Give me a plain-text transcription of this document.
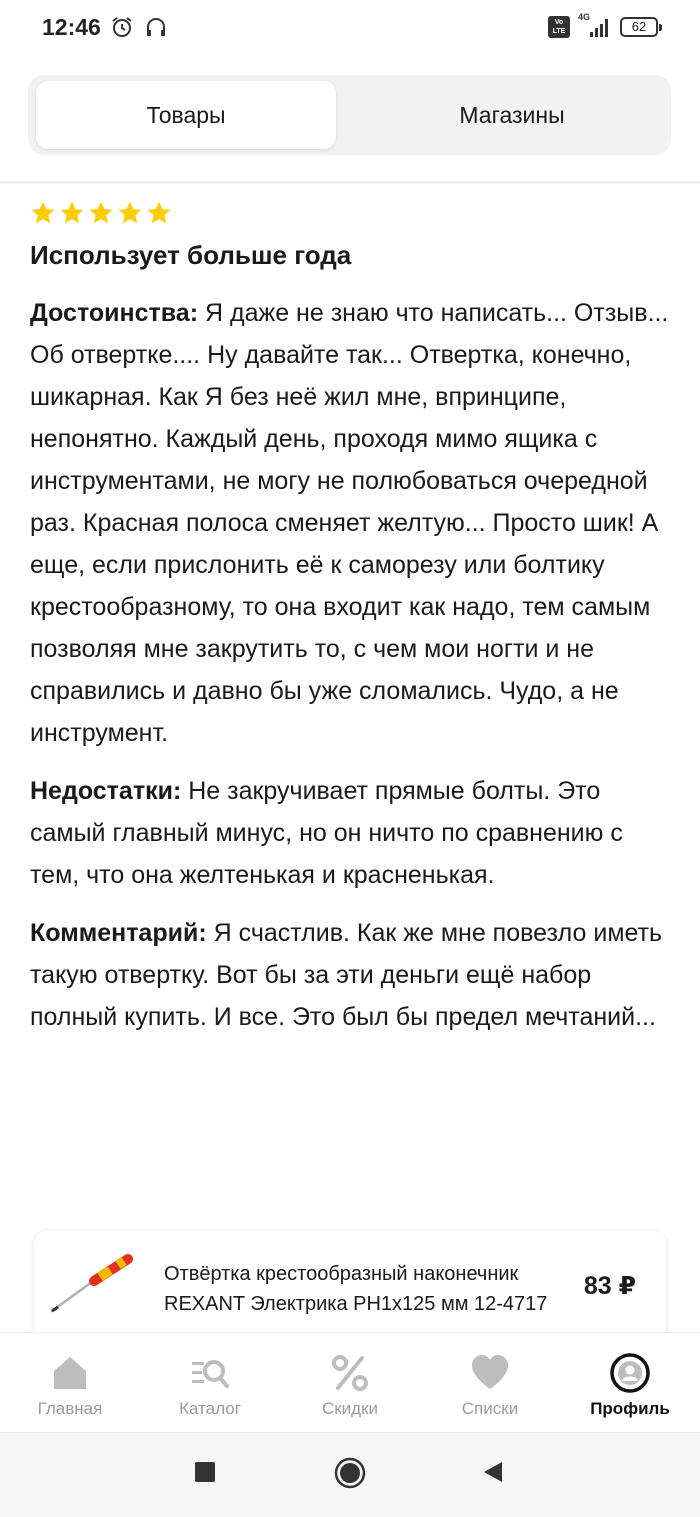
12:46	Vo
LTE
4G
62
Товары	Магазины
Использует больше года

Достоинства: Я даже не знаю что написать... Отзыв... Об отвертке.... Ну давайте так... Отвертка, конечно, шикарная. Как Я без неё жил мне, впринципе, непонятно. Каждый день, проходя мимо ящика с инструментами, не могу не полюбоваться очередной раз. Красная полоса сменяет желтую... Просто шик! А еще, если прислонить её к саморезу или болтику крестообразному, то она входит как надо, тем самым позволяя мне закрутить то, с чем мои ногти и не справились и давно бы уже сломались. Чудо, а не инструмент.

Недостатки: Не закручивает прямые болты. Это самый главный минус, но он ничто по сравнению с тем, что она желтенькая и красненькая.

Комментарий: Я счастлив. Как же мне повезло иметь такую отвертку. Вот бы за эти деньги ещё набор полный купить. И все. Это был бы предел мечтаний...

Отвёртка крестообразный наконечник REXANT Электрика PH1x125 мм 12-4717
83 ₽
Главная	Каталог	Скидки	Списки	Профиль
